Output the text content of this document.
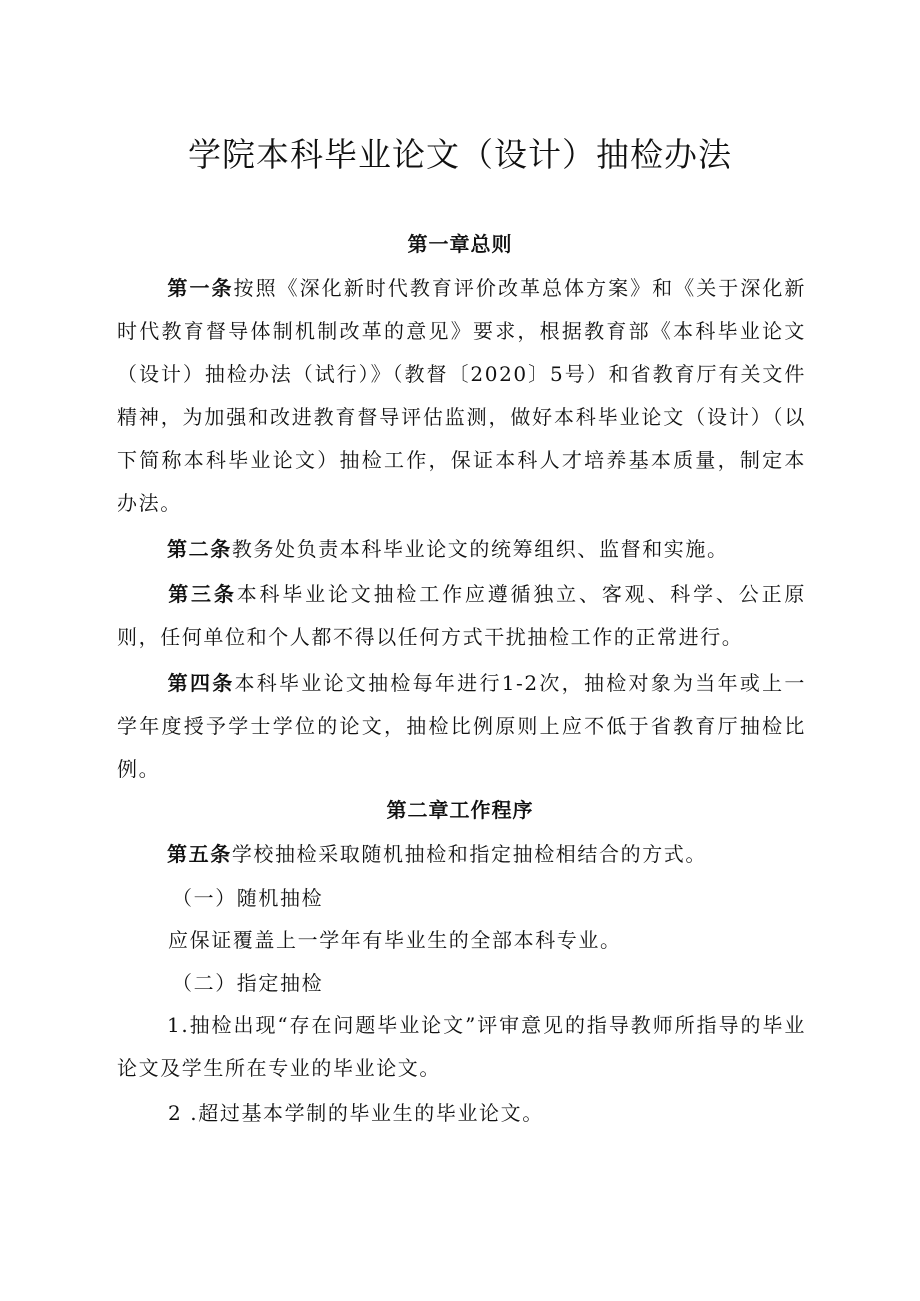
学院本科毕业论文（设计）抽检办法
第一章总则

第一条按照《深化新时代教育评价改革总体方案》和《关于深化新时代教育督导体制机制改革的意见》要求，根据教育部《本科毕业论文（设计）抽检办法（试行）》（教督〔2020〕5号）和省教育厅有关文件精神，为加强和改进教育督导评估监测，做好本科毕业论文（设计）（以下简称本科毕业论文）抽检工作，保证本科人才培养基本质量，制定本办法。

第二条教务处负责本科毕业论文的统筹组织、监督和实施。

第三条本科毕业论文抽检工作应遵循独立、客观、科学、公正原则，任何单位和个人都不得以任何方式干扰抽检工作的正常进行。

第四条本科毕业论文抽检每年进行1-2次，抽检对象为当年或上一学年度授予学士学位的论文，抽检比例原则上应不低于省教育厅抽检比例。

第二章工作程序

第五条学校抽检采取随机抽检和指定抽检相结合的方式。

（一）随机抽检

应保证覆盖上一学年有毕业生的全部本科专业。

（二）指定抽检

1.抽检出现“存在问题毕业论文”评审意见的指导教师所指导的毕业论文及学生所在专业的毕业论文。

2 .超过基本学制的毕业生的毕业论文。
